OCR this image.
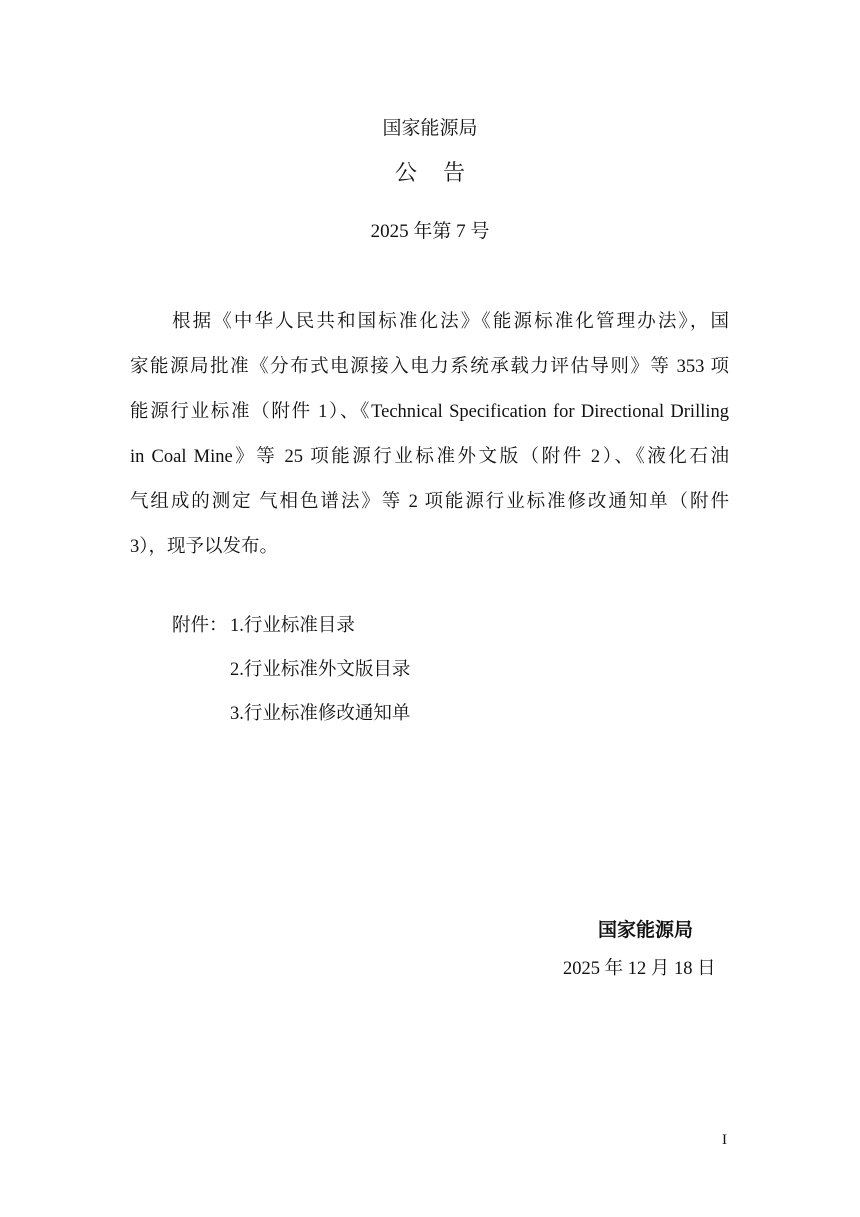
国家能源局
公告
2025 年第 7 号
根据《中华人民共和国标准化法》《能源标准化管理办法》，国
家能源局批准《分布式电源接入电力系统承载力评估导则》等 353 项
能源行业标准（附件 1）、《Technical Specification for Directional Drilling
in Coal Mine》等 25 项能源行业标准外文版（附件 2）、《液化石油
气组成的测定 气相色谱法》等 2 项能源行业标准修改通知单（附件
3），现予以发布。
附件： 1.行业标准目录
2.行业标准外文版目录
3.行业标准修改通知单
国家能源局
2025 年 12 月 18 日
I
